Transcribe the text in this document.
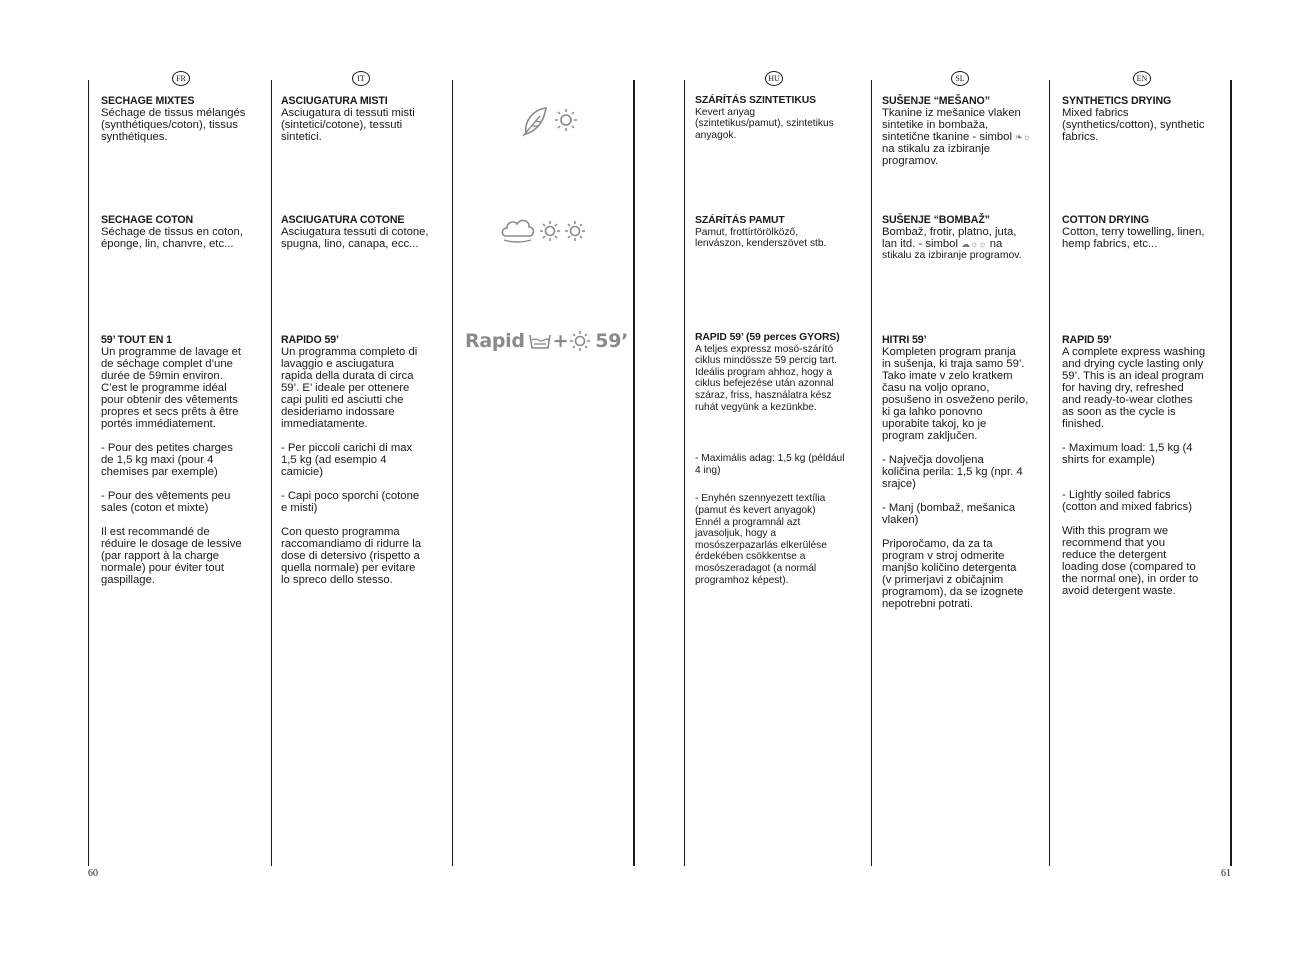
FR	IT	HU	SL	EN
SECHAGE MIXTES
Séchage de tissus mélangés
(synthétiques/coton), tissus
synthétiques.
SECHAGE COTON
Séchage de tissus en coton,
éponge, lin, chanvre, etc...
59’ TOUT EN 1
Un programme de lavage et
de séchage complet d’une
durée de 59min environ.
C’est le programme idéal
pour obtenir des vêtements
propres et secs prêts à être
portés immédiatement.
- Pour des petites charges
de 1,5 kg maxi (pour 4
chemises par exemple)
- Pour des vêtements peu
sales (coton et mixte)
Il est recommandé de
réduire le dosage de lessive
(par rapport à la charge
normale) pour éviter tout
gaspillage.
ASCIUGATURA MISTI
Asciugatura di tessuti misti
(sintetici/cotone), tessuti
sintetici.
ASCIUGATURA COTONE
Asciugatura tessuti di cotone,
spugna, lino, canapa, ecc...
RAPIDO 59’
Un programma completo di
lavaggio e asciugatura
rapida della durata di circa
59’. E’ ideale per ottenere
capi puliti ed asciutti che
desideriamo indossare
immediatamente.
- Per piccoli carichi di max
1,5 kg (ad esempio 4
camicie)
- Capi poco sporchi (cotone
e misti)
Con questo programma
raccomandiamo di ridurre la
dose di detersivo (rispetto a
quella normale) per evitare
lo spreco dello stesso.
Rapid + 59’
SZÁRÍTÁS SZINTETIKUS
Kevert anyag
(szintetikus/pamut), szintetikus
anyagok.
SZÁRÍTÁS PAMUT
Pamut, frottírtörölköző,
lenvászon, kenderszövet stb.
RAPID 59’ (59 perces GYORS)
A teljes expressz mosó-szárító
ciklus mindössze 59 percig tart.
Ideális program ahhoz, hogy a
ciklus befejezése után azonnal
száraz, friss, használatra kész
ruhát vegyünk a kezünkbe.
- Maximális adag: 1,5 kg (például
4 ing)
- Enyhén szennyezett textília
(pamut és kevert anyagok)
Ennél a programnál azt
javasoljuk, hogy a
mosószerpazarlás elkerülése
érdekében csökkentse a
mosószeradagot (a normál
programhoz képest).
SUŠENJE “MEŠANO”
Tkanine iz mešanice vlaken
sintetike in bombaža,
sintetične tkanine - simbol ❧☼
na stikalu za izbiranje
programov.
SUŠENJE “BOMBAŽ”
Bombaž, frotir, platno, juta,
lan itd. - simbol ☁☼☼ na
stikalu za izbiranje programov.
HITRI 59’
Kompleten program pranja
in sušenja, ki traja samo 59’.
Tako imate v zelo kratkem
času na voljo oprano,
posušeno in osveženo perilo,
ki ga lahko ponovno
uporabite takoj, ko je
program zaključen.
- Največja dovoljena
količina perila: 1,5 kg (npr. 4
srajce)
- Manj (bombaž, mešanica
vlaken)
Priporočamo, da za ta
program v stroj odmerite
manjšo količino detergenta
(v primerjavi z običajnim
programom), da se izognete
nepotrebni potrati.
SYNTHETICS DRYING
Mixed fabrics
(synthetics/cotton), synthetic
fabrics.
COTTON DRYING
Cotton, terry towelling, linen,
hemp fabrics, etc...
RAPID 59’
A complete express washing
and drying cycle lasting only
59’. This is an ideal program
for having dry, refreshed
and ready-to-wear clothes
as soon as the cycle is
finished.
- Maximum load: 1,5 kg (4
shirts for example)
- Lightly soiled fabrics
(cotton and mixed fabrics)
With this program we
recommend that you
reduce the detergent
loading dose (compared to
the normal one), in order to
avoid detergent waste.
60	61
